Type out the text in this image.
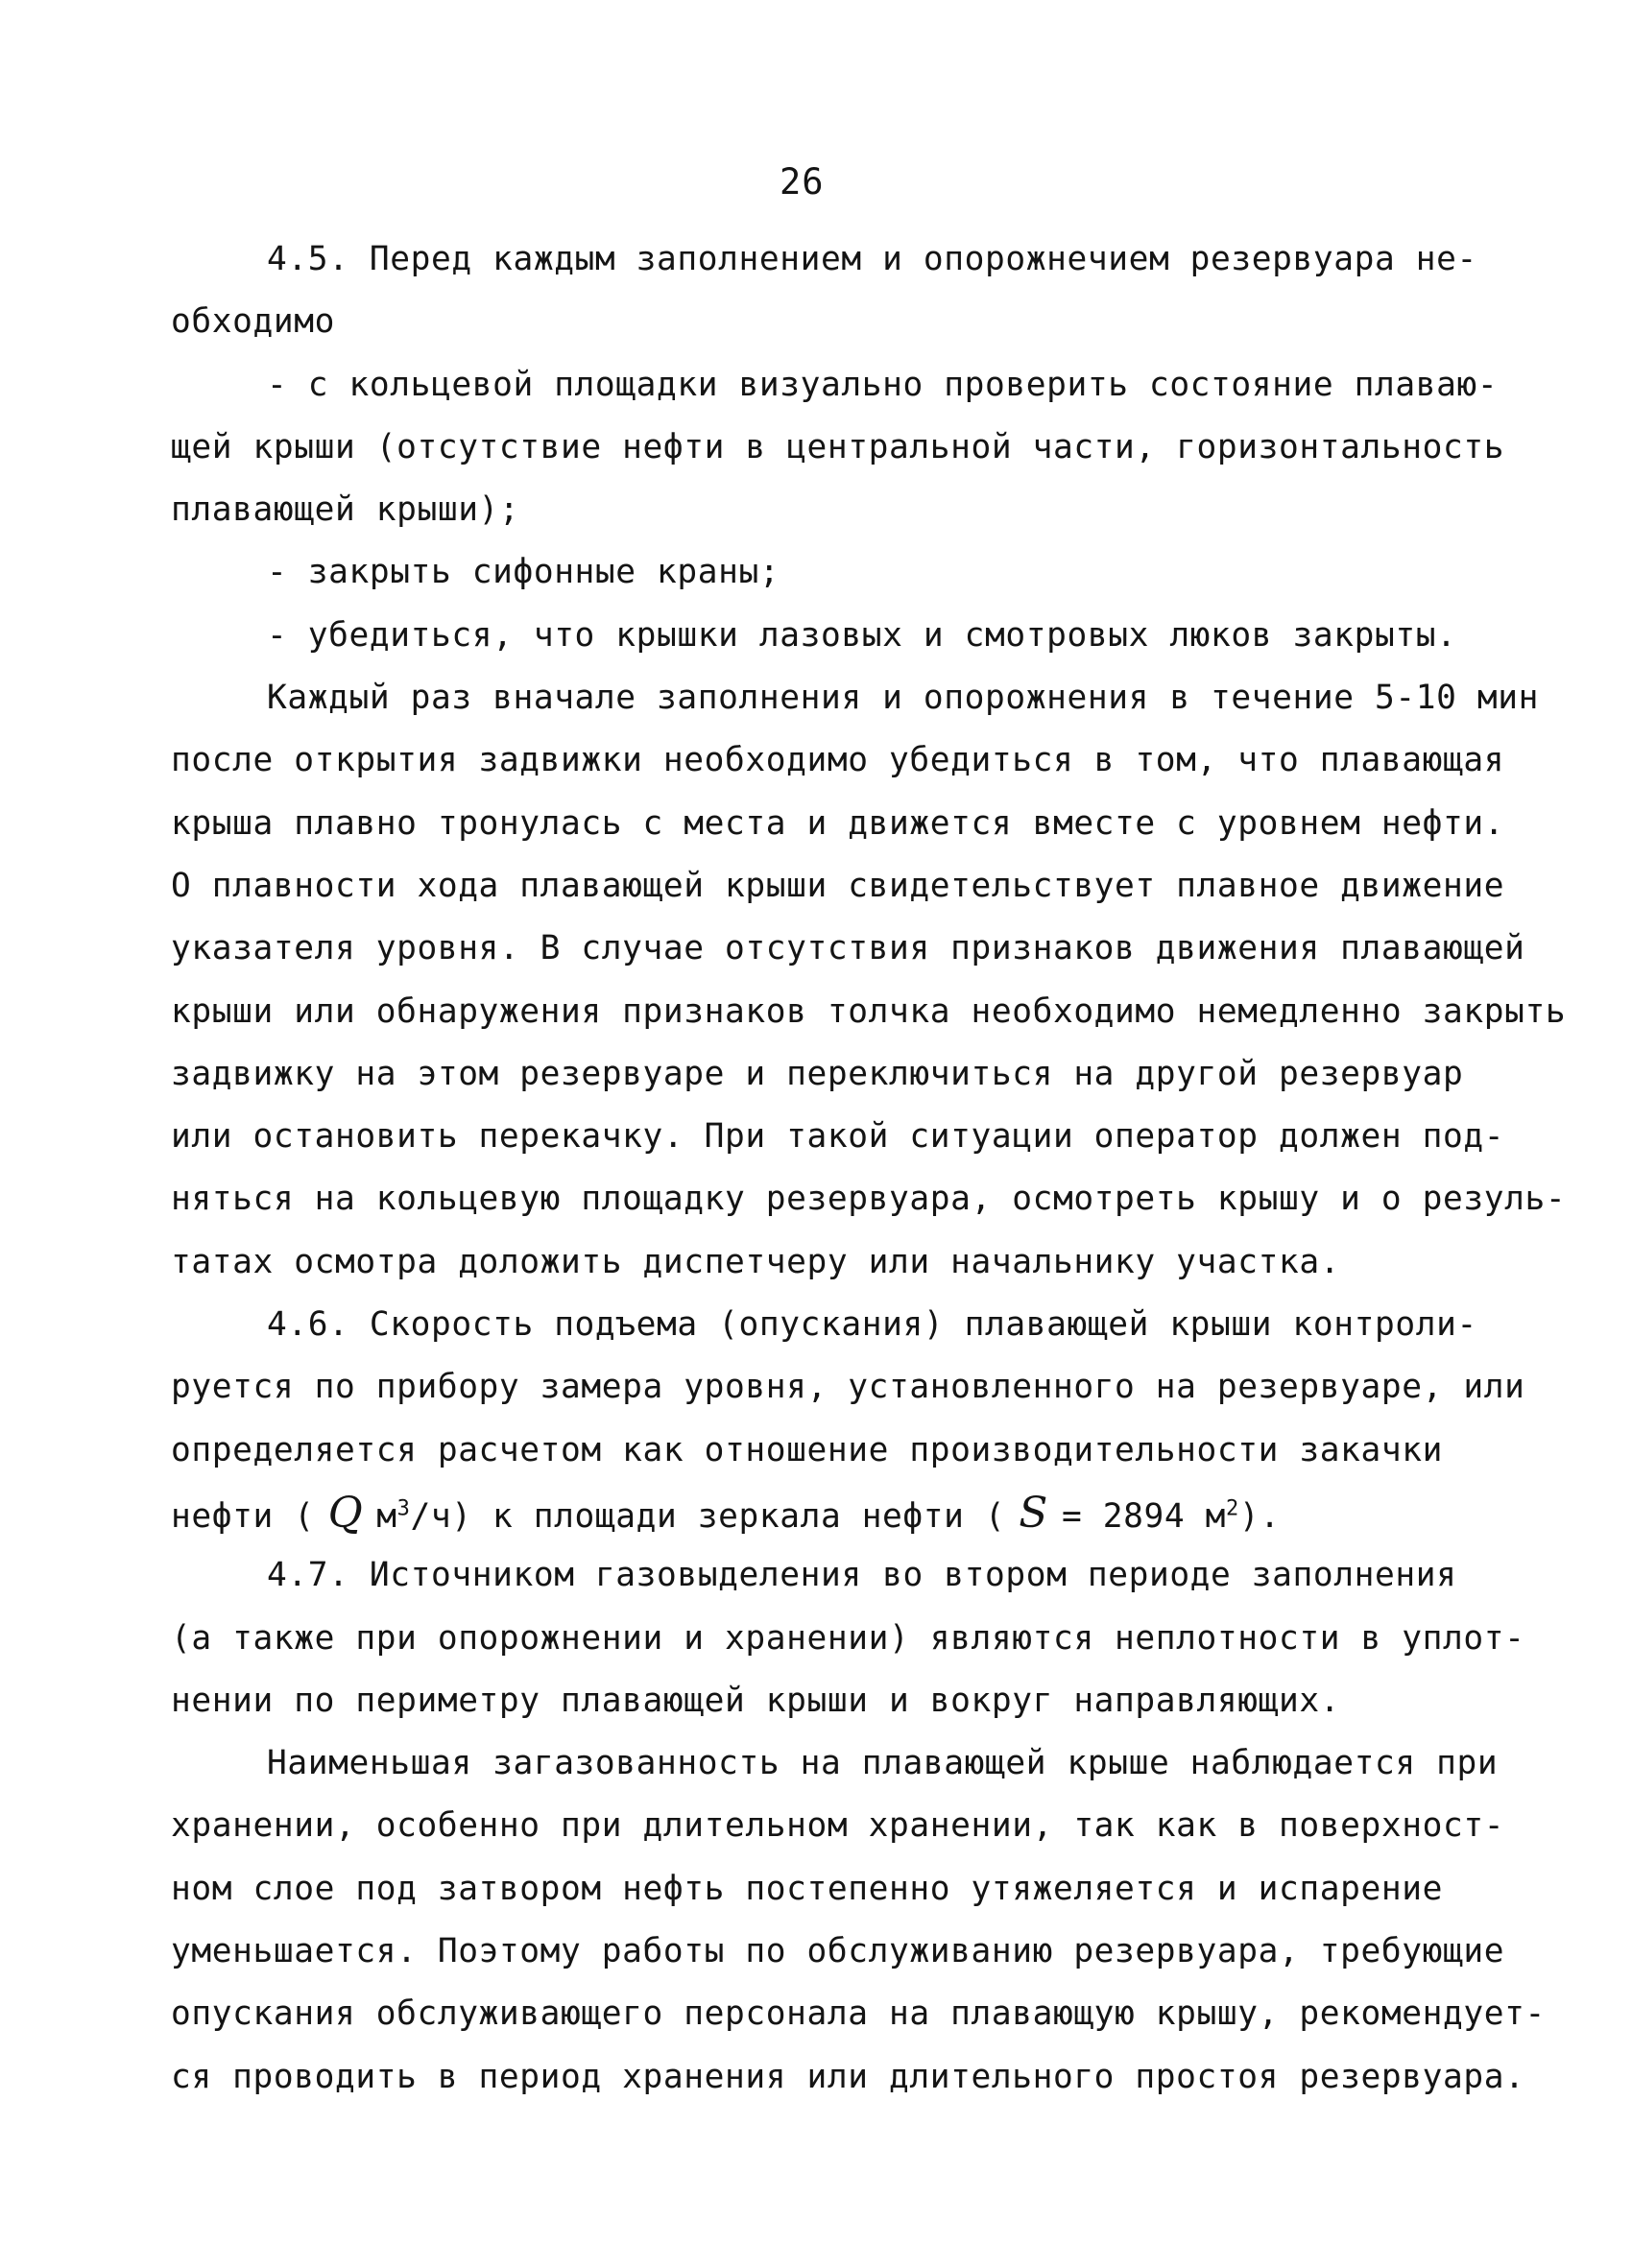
26
4.5. Перед каждым заполнением и опорожнечием резервуара не-
обходимо
- с кольцевой площадки визуально проверить состояние плаваю-
щей крыши (отсутствие нефти в центральной части, горизонтальность
плавающей крыши);
- закрыть сифонные краны;
- убедиться, что крышки лазовых и смотровых люков закрыты.
Каждый раз вначале заполнения и опорожнения в течение 5-10 мин
после открытия задвижки необходимо убедиться в том, что плавающая
крыша плавно тронулась с места и движется вместе с уровнем нефти.
О плавности хода плавающей крыши свидетельствует плавное движение
указателя уровня. В случае отсутствия признаков движения плавающей
крыши или обнаружения признаков толчка необходимо немедленно закрыть
задвижку на этом резервуаре и переключиться на другой резервуар
или остановить перекачку. При такой ситуации оператор должен под-
няться на кольцевую площадку резервуара, осмотреть крышу и о резуль-
татах осмотра доложить диспетчеру или начальнику участка.
4.6. Скорость подъема (опускания) плавающей крыши контроли-
руется по прибору замера уровня, установленного на резервуаре, или
определяется расчетом как отношение производительности закачки
нефти ( Q $м^3/ч$) к площади зеркала нефти ( S = 2894 $м^2$).
4.7. Источником газовыделения во втором периоде заполнения
(а также при опорожнении и хранении) являются неплотности в уплот-
нении по периметру плавающей крыши и вокруг направляющих.
Наименьшая загазованность на плавающей крыше наблюдается при
хранении, особенно при длительном хранении, так как в поверхност-
ном слое под затвором нефть постепенно утяжеляется и испарение
уменьшается. Поэтому работы по обслуживанию резервуара, требующие
опускания обслуживающего персонала на плавающую крышу, рекомендует-
ся проводить в период хранения или длительного простоя резервуара.
